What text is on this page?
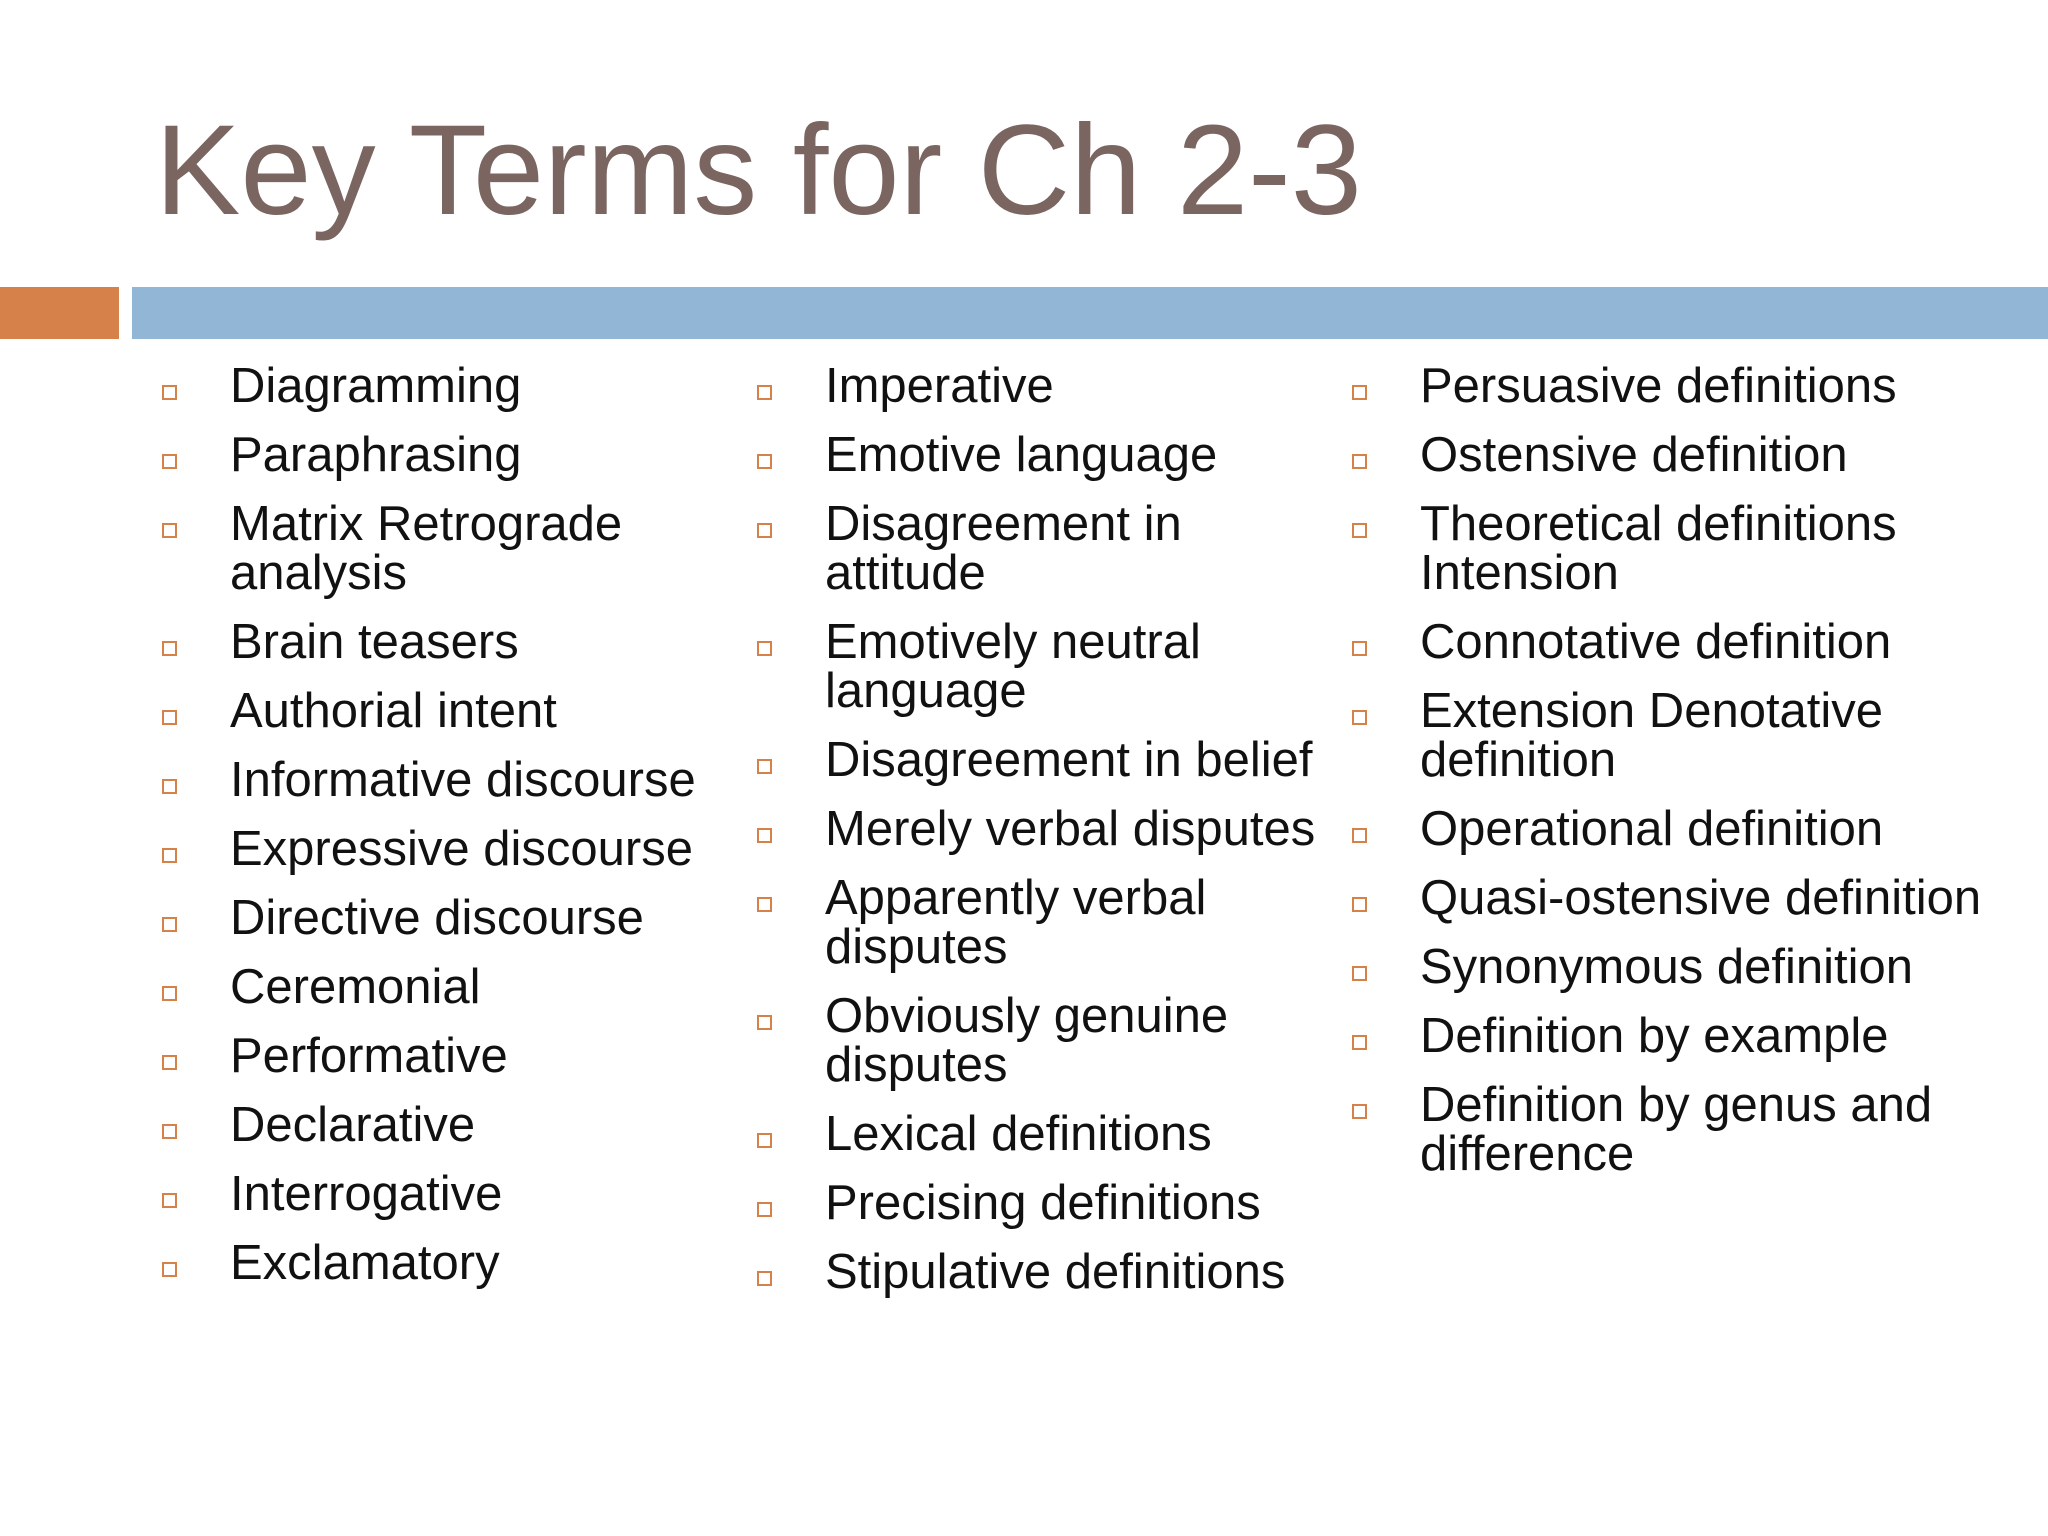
Key Terms for Ch 2-3
Diagramming
Paraphrasing
Matrix Retrograde analysis
Brain teasers
Authorial intent
Informative discourse
Expressive discourse
Directive discourse
Ceremonial
Performative
Declarative
Interrogative
Exclamatory
Imperative
Emotive language
Disagreement in attitude
Emotively neutral language
Disagreement in belief
Merely verbal disputes
Apparently verbal disputes
Obviously genuine disputes
Lexical definitions
Precising definitions
Stipulative definitions
Persuasive definitions
Ostensive definition
Theoretical definitions Intension
Connotative definition
Extension Denotative definition
Operational definition
Quasi-ostensive definition
Synonymous definition
Definition by example
Definition by genus and difference
